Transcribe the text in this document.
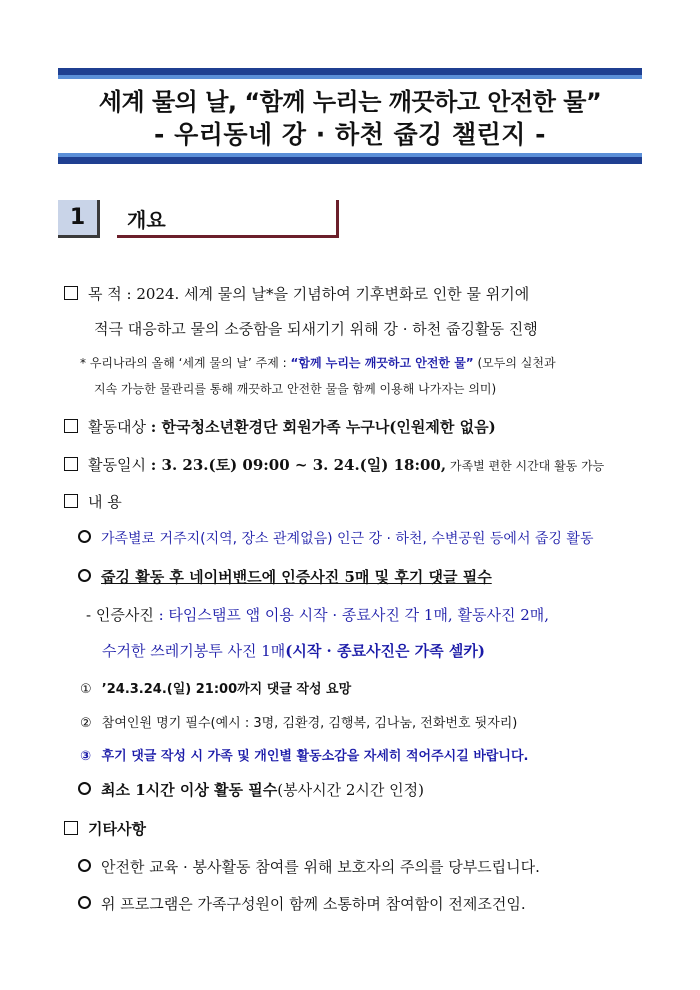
세계 물의 날, “함께 누리는 깨끗하고 안전한 물”
- 우리동네 강 · 하천 줍깅 챌린지 -
1	개요
목 적 : 2024. 세계 물의 날*을 기념하여 기후변화로 인한 물 위기에
적극 대응하고 물의 소중함을 되새기기 위해 강 · 하천 줍깅활동 진행
* 우리나라의 올해 ‘세계 물의 날’ 주제 : “함께 누리는 깨끗하고 안전한 물” (모두의 실천과
지속 가능한 물관리를 통해 깨끗하고 안전한 물을 함께 이용해 나가자는 의미)
활동대상 : 한국청소년환경단 회원가족 누구나(인원제한 없음)
활동일시 : 3. 23.(토) 09:00 ~ 3. 24.(일) 18:00, 가족별 편한 시간대 활동 가능
내 용
가족별로 거주지(지역, 장소 관계없음) 인근 강 · 하천, 수변공원 등에서 줍깅 활동
줍깅 활동 후 네이버밴드에 인증사진 5매 및 후기 댓글 필수
- 인증사진 : 타임스탬프 앱 이용 시작 · 종료사진 각 1매, 활동사진 2매,
수거한 쓰레기봉투 사진 1매(시작 · 종료사진은 가족 셀카)
① ’24.3.24.(일) 21:00까지 댓글 작성 요망
② 참여인원 명기 필수(예시 : 3명, 김환경, 김행복, 김나눔, 전화번호 뒷자리)
③ 후기 댓글 작성 시 가족 및 개인별 활동소감을 자세히 적어주시길 바랍니다.
최소 1시간 이상 활동 필수(봉사시간 2시간 인정)
기타사항
안전한 교육 · 봉사활동 참여를 위해 보호자의 주의를 당부드립니다.
위 프로그램은 가족구성원이 함께 소통하며 참여함이 전제조건임.
